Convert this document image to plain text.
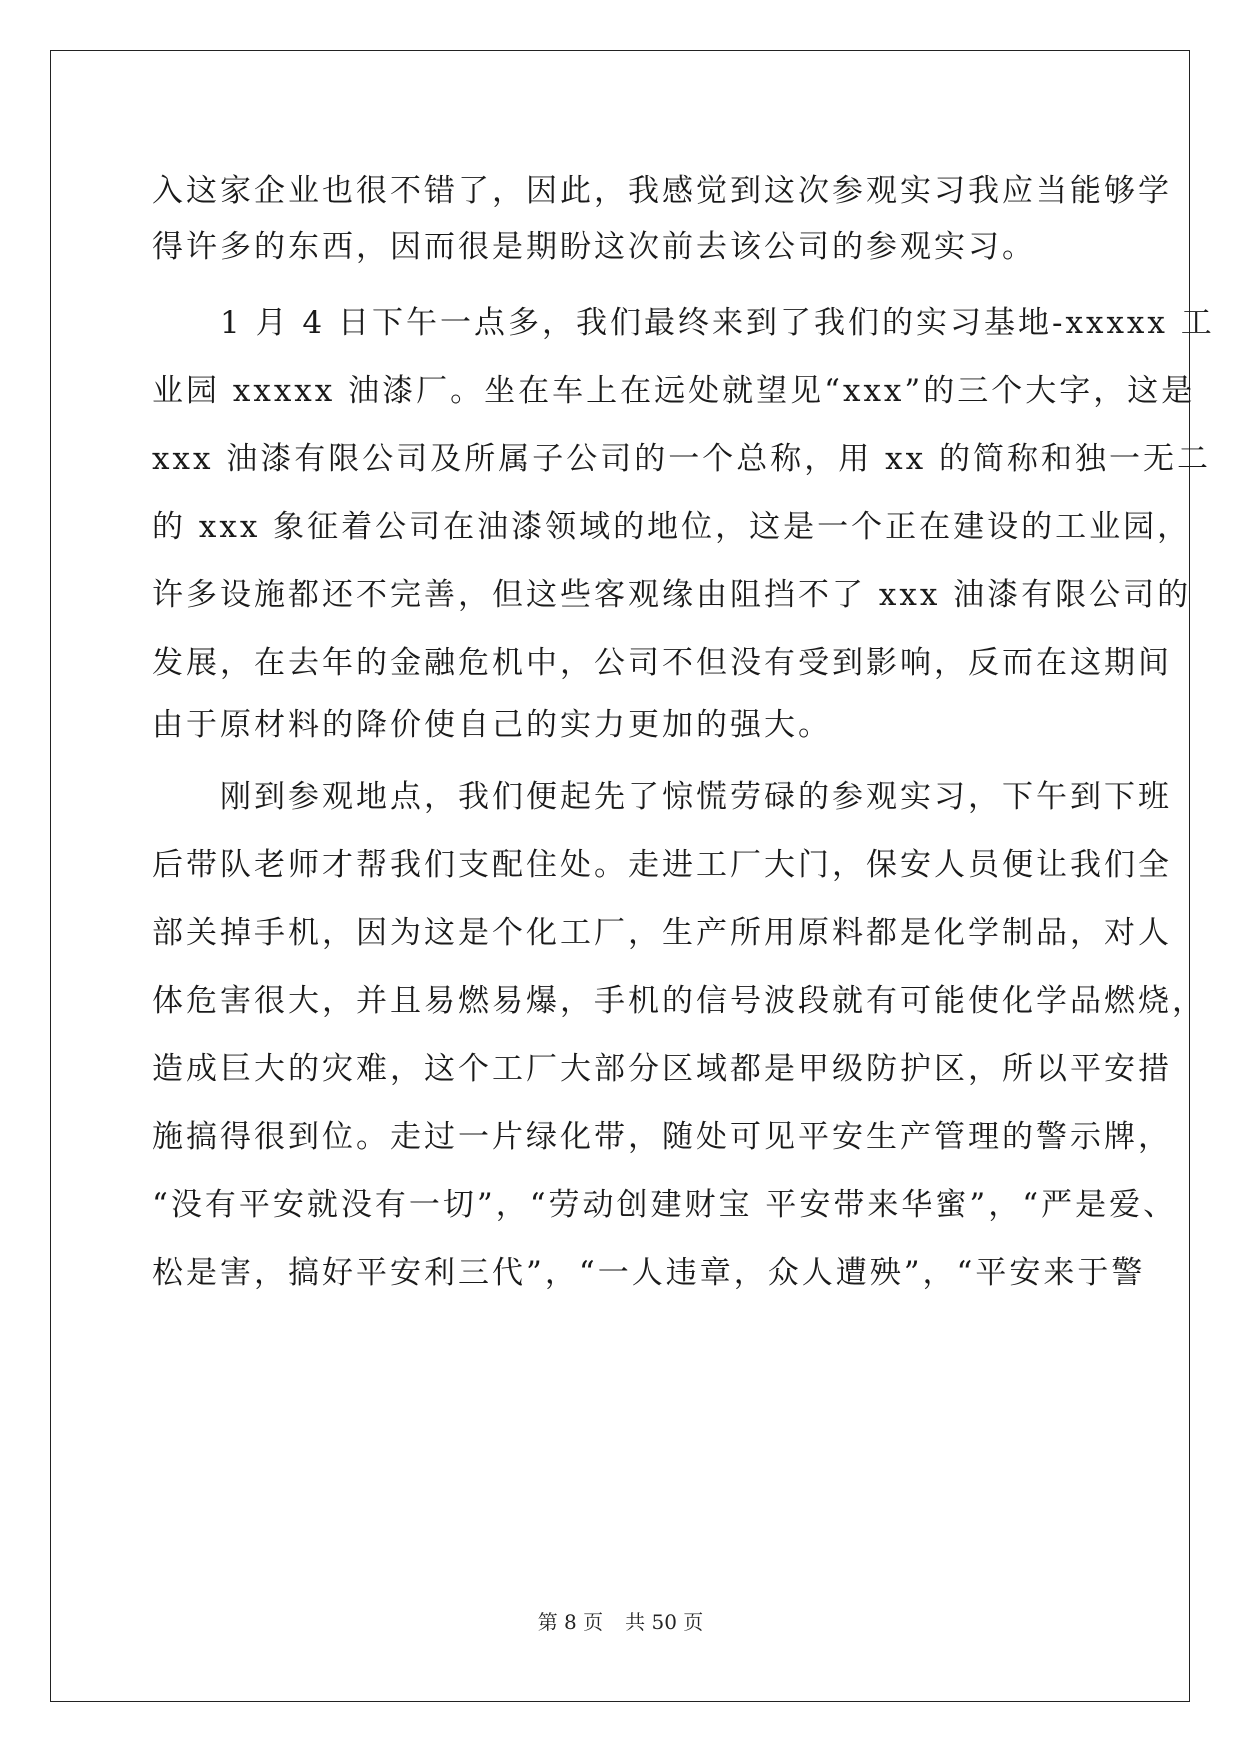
入这家企业也很不错了，因此，我感觉到这次参观实习我应当能够学
得许多的东西，因而很是期盼这次前去该公司的参观实习。
　　1 月 4 日下午一点多，我们最终来到了我们的实习基地-xxxxx 工
业园 xxxxx 油漆厂。坐在车上在远处就望见“xxx”的三个大字，这是
xxx 油漆有限公司及所属子公司的一个总称，用 xx 的简称和独一无二
的 xxx 象征着公司在油漆领域的地位，这是一个正在建设的工业园，
许多设施都还不完善，但这些客观缘由阻挡不了 xxx 油漆有限公司的
发展，在去年的金融危机中，公司不但没有受到影响，反而在这期间
由于原材料的降价使自己的实力更加的强大。
　　刚到参观地点，我们便起先了惊慌劳碌的参观实习，下午到下班
后带队老师才帮我们支配住处。走进工厂大门，保安人员便让我们全
部关掉手机，因为这是个化工厂，生产所用原料都是化学制品，对人
体危害很大，并且易燃易爆，手机的信号波段就有可能使化学品燃烧，
造成巨大的灾难，这个工厂大部分区域都是甲级防护区，所以平安措
施搞得很到位。走过一片绿化带，随处可见平安生产管理的警示牌，
“没有平安就没有一切”，“劳动创建财宝 平安带来华蜜”，“严是爱、
松是害，搞好平安利三代”，“一人违章，众人遭殃”，“平安来于警
第 8 页 共 50 页
